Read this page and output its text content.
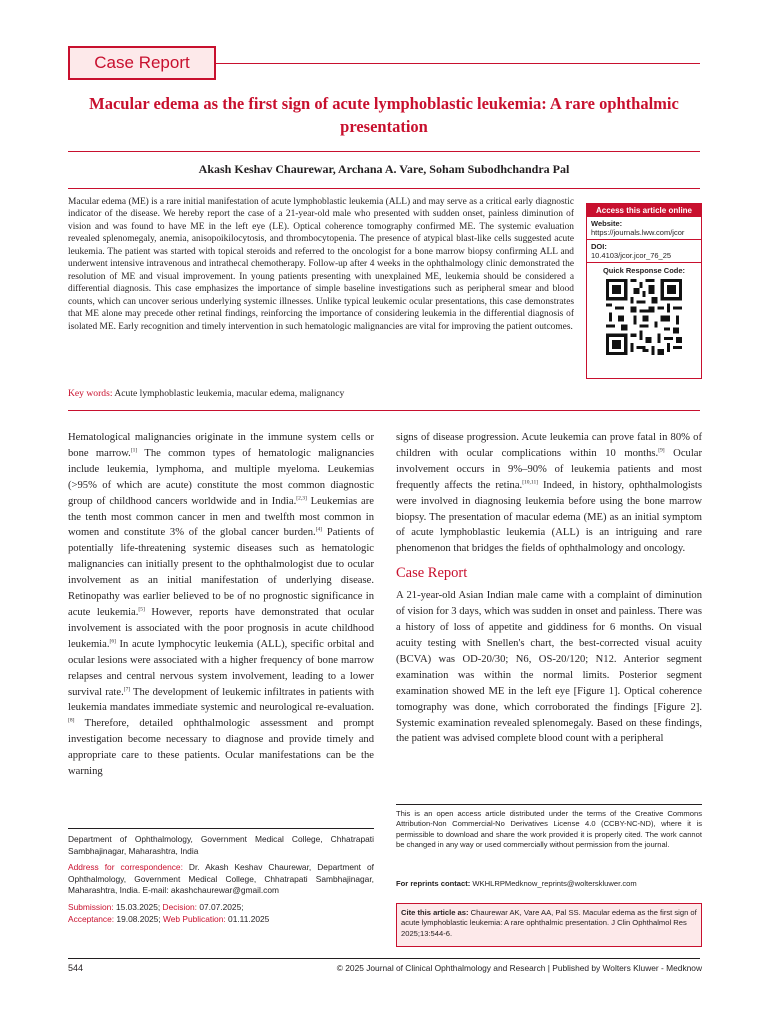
Case Report
Macular edema as the first sign of acute lymphoblastic leukemia: A rare ophthalmic presentation
Akash Keshav Chaurewar, Archana A. Vare, Soham Subodhchandra Pal
Macular edema (ME) is a rare initial manifestation of acute lymphoblastic leukemia (ALL) and may serve as a critical early diagnostic indicator of the disease. We hereby report the case of a 21-year-old male who presented with sudden onset, painless diminution of vision and was found to have ME in the left eye (LE). Optical coherence tomography confirmed ME. The systemic evaluation revealed splenomegaly, anemia, anisopoikilocytosis, and thrombocytopenia. The presence of atypical blast-like cells suggested acute leukemia. The patient was started with topical steroids and referred to the oncologist for a bone marrow biopsy confirming ALL and underwent intensive intravenous and intrathecal chemotherapy. Follow-up after 4 weeks in the ophthalmology clinic demonstrated the resolution of ME and visual improvement. In young patients presenting with unexplained ME, leukemia should be considered a differential diagnosis. This case emphasizes the importance of simple baseline investigations such as peripheral smear and blood counts, which can uncover serious underlying systemic illnesses. Unlike typical leukemic ocular presentations, this case demonstrates that ME alone may precede other retinal findings, reinforcing the importance of considering leukemia in the differential diagnosis of isolated ME. Early recognition and timely intervention in such hematologic malignancies are vital for improving the patient outcomes.
Key words: Acute lymphoblastic leukemia, macular edema, malignancy
Access this article online
Website:
https://journals.lww.com/jcor
DOI:
10.4103/jcor.jcor_76_25
Quick Response Code:

Hematological malignancies originate in the immune system cells or bone marrow.[1] The common types of hematologic malignancies include leukemia, lymphoma, and multiple myeloma. Leukemias (>95% of which are acute) constitute the most common diagnostic group of childhood cancers worldwide and in India.[2,3] Leukemias are the tenth most common cancer in men and twelfth most common in women and constitute 3% of the global cancer burden.[4] Patients of potentially life-threatening systemic diseases such as hematologic malignancies can initially present to the ophthalmologist due to ocular involvement as an initial manifestation of underlying disease. Retinopathy was earlier believed to be of no prognostic significance in acute leukemia.[5] However, reports have demonstrated that ocular involvement is associated with the poor prognosis in acute childhood leukemia.[6] In acute lymphocytic leukemia (ALL), specific orbital and ocular lesions were associated with a higher frequency of bone marrow relapses and central nervous system involvement, leading to a lower survival rate.[7] The development of leukemic infiltrates in patients with leukemia mandates immediate systemic and neurological re-evaluation.[8] Therefore, detailed ophthalmologic assessment and prompt investigation become necessary to diagnose and provide timely and appropriate care to these patients. Ocular manifestations can be the warning

signs of disease progression. Acute leukemia can prove fatal in 80% of children with ocular complications within 10 months.[9] Ocular involvement occurs in 9%–90% of leukemia patients and most frequently affects the retina.[10,11] Indeed, in history, ophthalmologists were involved in diagnosing leukemia before using the bone marrow biopsy. The presentation of macular edema (ME) as an initial symptom of acute lymphoblastic leukemia (ALL) is an intriguing and rare phenomenon that bridges the fields of ophthalmology and oncology.

Case Report

A 21-year-old Asian Indian male came with a complaint of diminution of vision for 3 days, which was sudden in onset and painless. There was a history of loss of appetite and giddiness for 6 months. On visual acuity testing with Snellen's chart, the best-corrected visual acuity (BCVA) was OD-20/30; N6, OS-20/120; N12. Anterior segment examination was within the normal limits. Posterior segment examination showed ME in the left eye [Figure 1]. Optical coherence tomography was done, which corroborated the findings [Figure 2]. Systemic examination revealed splenomegaly. Based on these findings, the patient was advised complete blood count with a peripheral

Department of Ophthalmology, Government Medical College, Chhatrapati Sambhajinagar, Maharashtra, India

Address for correspondence: Dr. Akash Keshav Chaurewar, Department of Ophthalmology, Government Medical College, Chhatrapati Sambhajinagar, Maharashtra, India. E-mail: akashchaurewar@gmail.com

Submission: 15.03.2025; Decision: 07.07.2025;
Acceptance: 19.08.2025; Web Publication: 01.11.2025
This is an open access article distributed under the terms of the Creative Commons Attribution-Non Commercial-No Derivatives License 4.0 (CCBY-NC-ND), where it is permissible to download and share the work provided it is properly cited. The work cannot be changed in any way or used commercially without permission from the journal.
For reprints contact: WKHLRPMedknow_reprints@wolterskluwer.com
Cite this article as: Chaurewar AK, Vare AA, Pal SS. Macular edema as the first sign of acute lymphoblastic leukemia: A rare ophthalmic presentation. J Clin Ophthalmol Res 2025;13:544-6.
544	© 2025 Journal of Clinical Ophthalmology and Research | Published by Wolters Kluwer - Medknow
